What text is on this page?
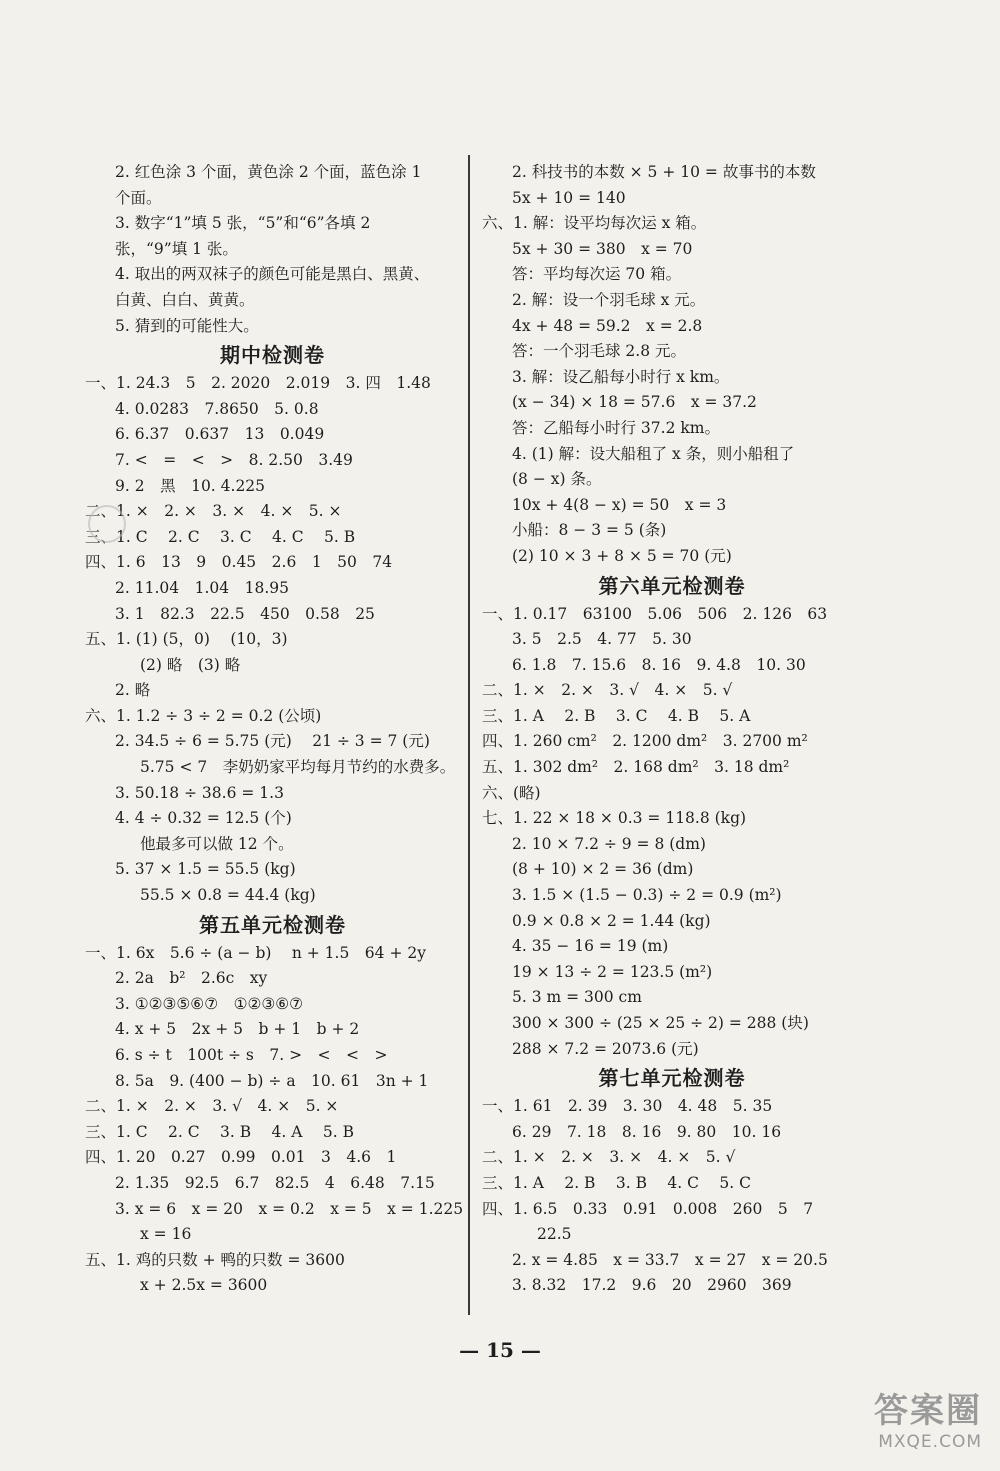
2. 红色涂 3 个面，黄色涂 2 个面，蓝色涂 1
个面。
3. 数字“1”填 5 张，“5”和“6”各填 2
张，“9”填 1 张。
4. 取出的两双袜子的颜色可能是黑白、黑黄、
白黄、白白、黄黄。
5. 猜到的可能性大。
期中检测卷
一、1. 24.3　5　2. 2020　2.019　3. 四　1.48
4. 0.0283　7.8650　5. 0.8
6. 6.37　0.637　13　0.049
7. <　=　<　>　8. 2.50　3.49
9. 2　黑　10. 4.225
二、1. ×　2. ×　3. ×　4. ×　5. ×
三、1. C　 2. C　 3. C　 4. C　 5. B
四、1. 6　13　9　0.45　2.6　1　50　74
2. 11.04　1.04　18.95
3. 1　82.3　22.5　450　0.58　25
五、1. (1) (5，0)　 (10，3)
(2) 略　(3) 略
2. 略
六、1. 1.2 ÷ 3 ÷ 2 = 0.2 (公顷)
2. 34.5 ÷ 6 = 5.75 (元)　 21 ÷ 3 = 7 (元)
5.75 < 7　李奶奶家平均每月节约的水费多。
3. 50.18 ÷ 38.6 = 1.3
4. 4 ÷ 0.32 = 12.5 (个)
他最多可以做 12 个。
5. 37 × 1.5 = 55.5 (kg)
55.5 × 0.8 = 44.4 (kg)
第五单元检测卷
一、1. 6x　5.6 ÷ (a − b)　 n + 1.5　64 + 2y
2. 2a　b²　2.6c　xy
3. ①②③⑤⑥⑦　①②③⑥⑦
4. x + 5　2x + 5　b + 1　b + 2
6. s ÷ t　100t ÷ s　7. >　<　<　>
8. 5a　9. (400 − b) ÷ a　10. 61　3n + 1
二、1. ×　2. ×　3. √　4. ×　5. ×
三、1. C　 2. C　 3. B　 4. A　 5. B
四、1. 20　0.27　0.99　0.01　3　4.6　1
2. 1.35　92.5　6.7　82.5　4　6.48　7.15
3. x = 6　x = 20　x = 0.2　x = 5　x = 1.225
x = 16
五、1. 鸡的只数 + 鸭的只数 = 3600
x + 2.5x = 3600
2. 科技书的本数 × 5 + 10 = 故事书的本数
5x + 10 = 140
六、1. 解：设平均每次运 x 箱。
5x + 30 = 380　x = 70
答：平均每次运 70 箱。
2. 解：设一个羽毛球 x 元。
4x + 48 = 59.2　x = 2.8
答：一个羽毛球 2.8 元。
3. 解：设乙船每小时行 x km。
(x − 34) × 18 = 57.6　x = 37.2
答：乙船每小时行 37.2 km。
4. (1) 解：设大船租了 x 条，则小船租了
(8 − x) 条。
10x + 4(8 − x) = 50　x = 3
小船：8 − 3 = 5 (条)
(2) 10 × 3 + 8 × 5 = 70 (元)
第六单元检测卷
一、1. 0.17　63100　5.06　506　2. 126　63
3. 5　2.5　4. 77　5. 30
6. 1.8　7. 15.6　8. 16　9. 4.8　10. 30
二、1. ×　2. ×　3. √　4. ×　5. √
三、1. A　 2. B　 3. C　 4. B　 5. A
四、1. 260 cm²　2. 1200 dm²　3. 2700 m²
五、1. 302 dm²　2. 168 dm²　3. 18 dm²
六、(略)
七、1. 22 × 18 × 0.3 = 118.8 (kg)
2. 10 × 7.2 ÷ 9 = 8 (dm)
(8 + 10) × 2 = 36 (dm)
3. 1.5 × (1.5 − 0.3) ÷ 2 = 0.9 (m²)
0.9 × 0.8 × 2 = 1.44 (kg)
4. 35 − 16 = 19 (m)
19 × 13 ÷ 2 = 123.5 (m²)
5. 3 m = 300 cm
300 × 300 ÷ (25 × 25 ÷ 2) = 288 (块)
288 × 7.2 = 2073.6 (元)
第七单元检测卷
一、1. 61　2. 39　3. 30　4. 48　5. 35
6. 29　7. 18　8. 16　9. 80　10. 16
二、1. ×　2. ×　3. ×　4. ×　5. √
三、1. A　 2. B　 3. B　 4. C　 5. C
四、1. 6.5　0.33　0.91　0.008　260　5　7
22.5
2. x = 4.85　x = 33.7　x = 27　x = 20.5
3. 8.32　17.2　9.6　20　2960　369
— 15 —
答案圈
MXQE.COM
